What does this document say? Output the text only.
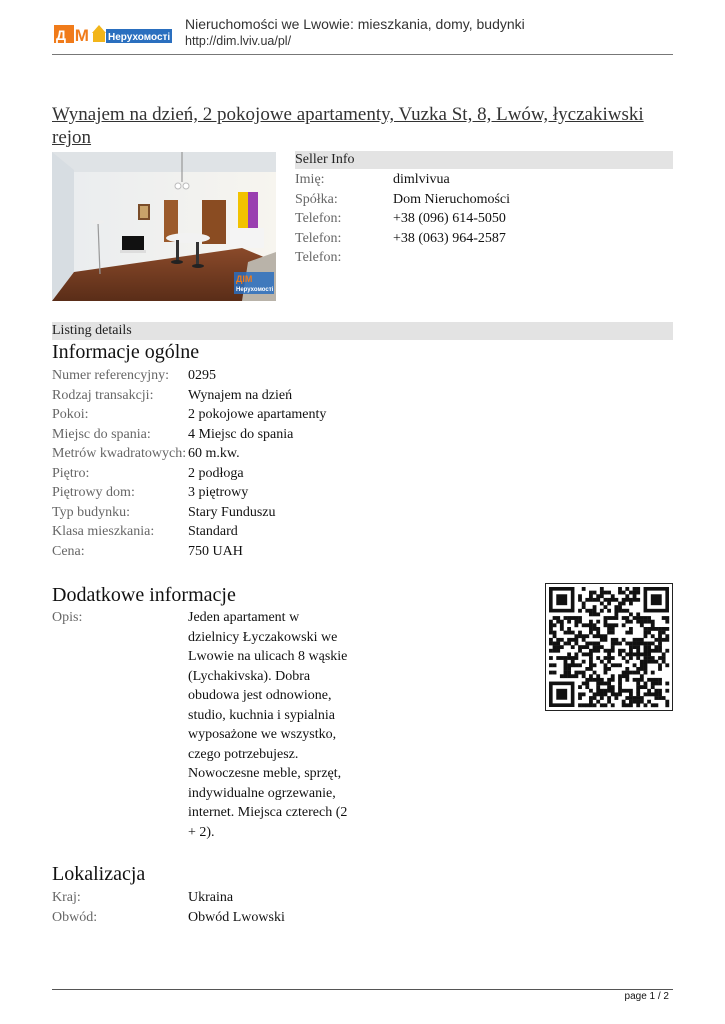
Д ІМ Нерухомості
Nieruchomości we Lwowie: mieszkania, domy, budynki
http://dim.lviv.ua/pl/
Wynajem na dzień, 2 pokojowe apartamenty, Vuzka St, 8, Lwów, łyczakiwski rejon
ДІМ
Нерухомості
Seller Info
Imię:	dimlvivua
Spółka:	Dom Nieruchomości
Telefon:	+38 (096) 614-5050
Telefon:	+38 (063) 964-2587
Telefon:
Listing details
Informacje ogólne
Numer referencyjny:	0295
Rodzaj transakcji:	Wynajem na dzień
Pokoi:	2 pokojowe apartamenty
Miejsc do spania:	4 Miejsc do spania
Metrów kwadratowych: 60 m.kw.
Piętro:	2 podłoga
Piętrowy dom:	3 piętrowy
Typ budynku:	Stary Funduszu
Klasa mieszkania:	Standard
Cena:	750 UAH
Dodatkowe informacje
Opis:	Jeden apartament w dzielnicy Łyczakowski we Lwowie na ulicach 8 wąskie (Lychakivska). Dobra obudowa jest odnowione, studio, kuchnia i sypialnia wyposażone we wszystko, czego potrzebujesz. Nowoczesne meble, sprzęt, indywidualne ogrzewanie, internet. Miejsca czterech (2 + 2).
Lokalizacja
Kraj:	Ukraina
Obwód:	Obwód Lwowski
page 1 / 2
